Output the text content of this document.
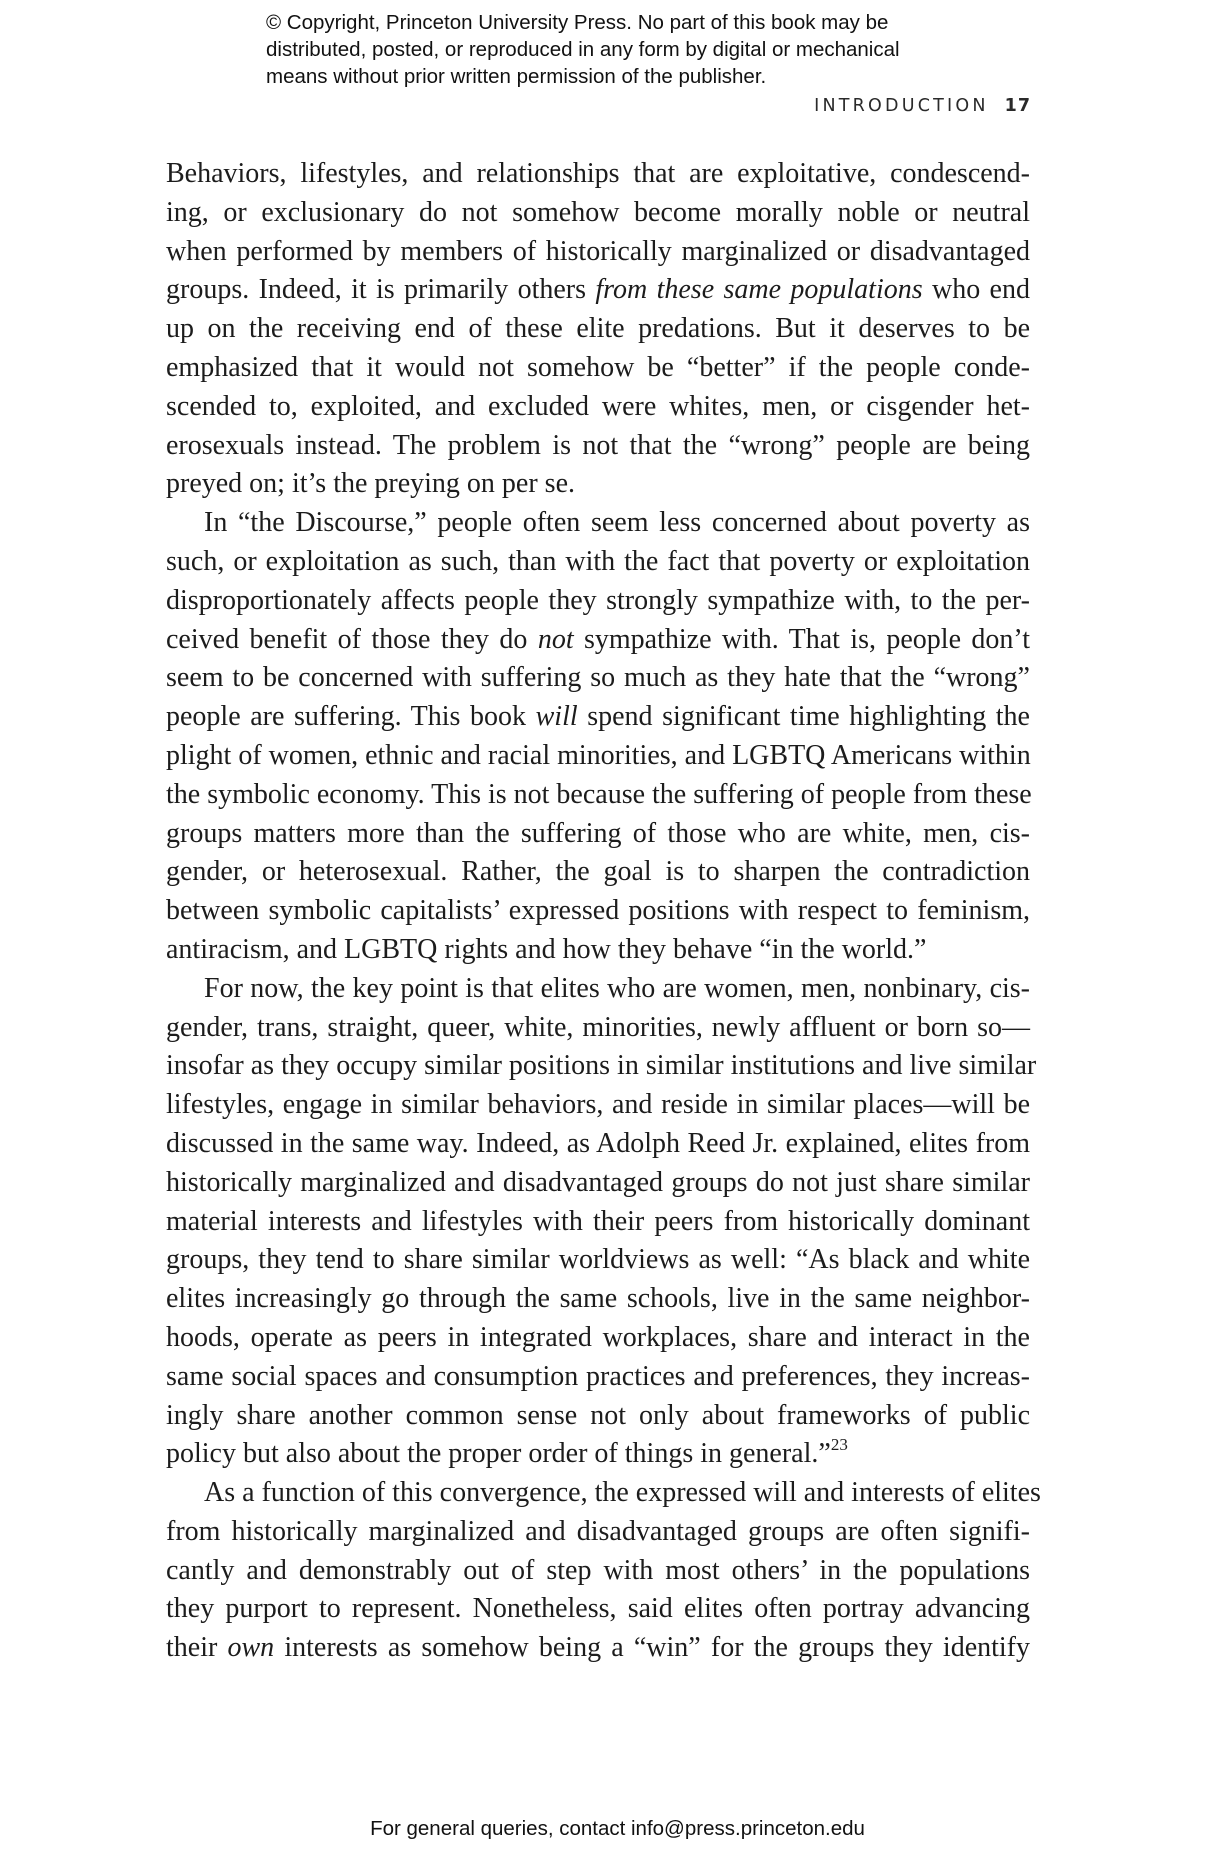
© Copyright, Princeton University Press. No part of this book may be
distributed, posted, or reproduced in any form by digital or mechanical
means without prior written permission of the publisher.
INTRODUCTION 17
Behaviors, lifestyles, and relationships that are exploitative, condescend-
ing, or exclusionary do not somehow become morally noble or neutral
when performed by members of historically marginalized or disadvantaged
groups. Indeed, it is primarily others from these same populations who end
up on the receiving end of these elite predations. But it deserves to be
emphasized that it would not somehow be “better” if the people conde-
scended to, exploited, and excluded were whites, men, or cisgender het-
erosexuals instead. The problem is not that the “wrong” people are being
preyed on; it’s the preying on per se.
In “the Discourse,” people often seem less concerned about poverty as
such, or exploitation as such, than with the fact that poverty or exploitation
disproportionately affects people they strongly sympathize with, to the per-
ceived benefit of those they do not sympathize with. That is, people don’t
seem to be concerned with suffering so much as they hate that the “wrong”
people are suffering. This book will spend significant time highlighting the
plight of women, ethnic and racial minorities, and LGBTQ Americans within
the symbolic economy. This is not because the suffering of people from these
groups matters more than the suffering of those who are white, men, cis-
gender, or heterosexual. Rather, the goal is to sharpen the contradiction
between symbolic capitalists’ expressed positions with respect to feminism,
antiracism, and LGBTQ rights and how they behave “in the world.”
For now, the key point is that elites who are women, men, nonbinary, cis-
gender, trans, straight, queer, white, minorities, newly affluent or born so—
insofar as they occupy similar positions in similar institutions and live similar
lifestyles, engage in similar behaviors, and reside in similar places—will be
discussed in the same way. Indeed, as Adolph Reed Jr. explained, elites from
historically marginalized and disadvantaged groups do not just share similar
material interests and lifestyles with their peers from historically dominant
groups, they tend to share similar worldviews as well: “As black and white
elites increasingly go through the same schools, live in the same neighbor-
hoods, operate as peers in integrated workplaces, share and interact in the
same social spaces and consumption practices and preferences, they increas-
ingly share another common sense not only about frameworks of public
policy but also about the proper order of things in general.”$^{23}$
As a function of this convergence, the expressed will and interests of elites
from historically marginalized and disadvantaged groups are often signifi-
cantly and demonstrably out of step with most others’ in the populations
they purport to represent. Nonetheless, said elites often portray advancing
their own interests as somehow being a “win” for the groups they identify
For general queries, contact info@press.princeton.edu
